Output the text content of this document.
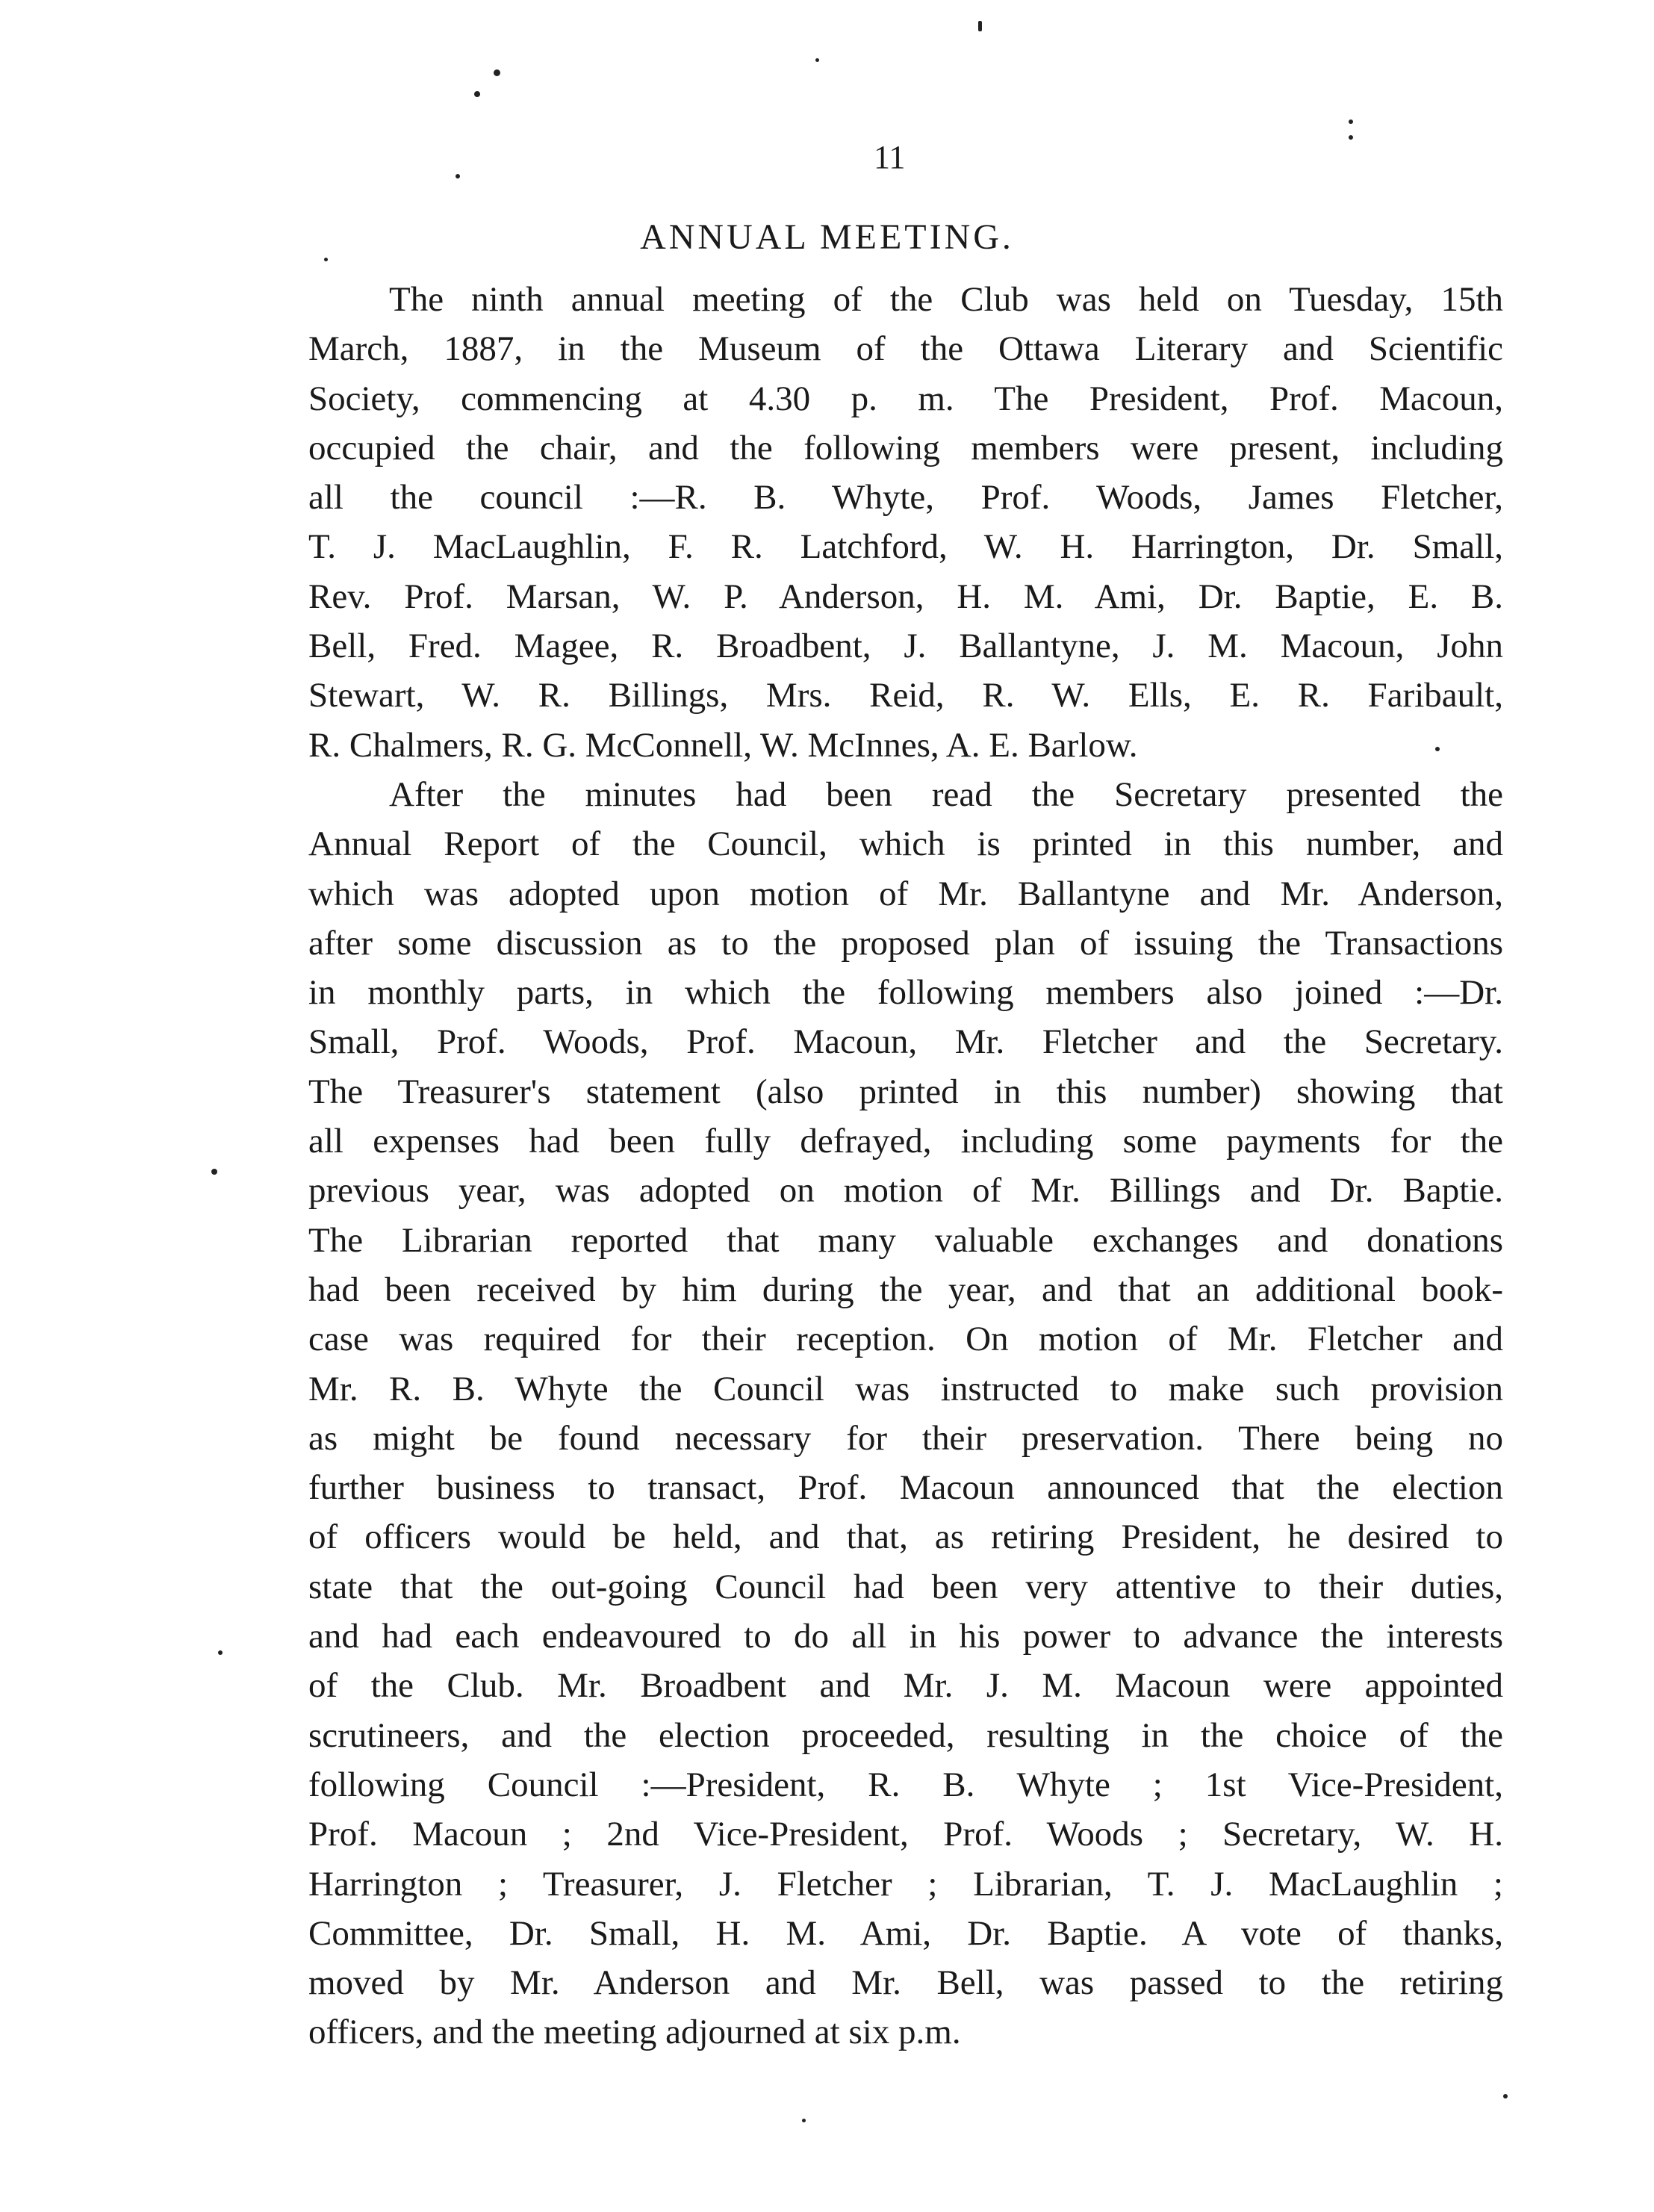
11
ANNUAL MEETING.
The ninth annual meeting of the Club was held on Tuesday, 15th
March, 1887, in the Museum of the Ottawa Literary and Scientific
Society, commencing at 4.30 p. m. The President, Prof. Macoun,
occupied the chair, and the following members were present, including
all the council :—R. B. Whyte, Prof. Woods, James Fletcher,
T. J. MacLaughlin, F. R. Latchford, W. H. Harrington, Dr. Small,
Rev. Prof. Marsan, W. P. Anderson, H. M. Ami, Dr. Baptie, E. B.
Bell, Fred. Magee, R. Broadbent, J. Ballantyne, J. M. Macoun, John
Stewart, W. R. Billings, Mrs. Reid, R. W. Ells, E. R. Faribault,
R. Chalmers, R. G. McConnell, W. McInnes, A. E. Barlow.
After the minutes had been read the Secretary presented the
Annual Report of the Council, which is printed in this number, and
which was adopted upon motion of Mr. Ballantyne and Mr. Anderson,
after some discussion as to the proposed plan of issuing the Transactions
in monthly parts, in which the following members also joined :—Dr.
Small, Prof. Woods, Prof. Macoun, Mr. Fletcher and the Secretary.
The Treasurer's statement (also printed in this number) showing that
all expenses had been fully defrayed, including some payments for the
previous year, was adopted on motion of Mr. Billings and Dr. Baptie.
The Librarian reported that many valuable exchanges and donations
had been received by him during the year, and that an additional book-
case was required for their reception. On motion of Mr. Fletcher and
Mr. R. B. Whyte the Council was instructed to make such provision
as might be found necessary for their preservation. There being no
further business to transact, Prof. Macoun announced that the election
of officers would be held, and that, as retiring President, he desired to
state that the out-going Council had been very attentive to their duties,
and had each endeavoured to do all in his power to advance the interests
of the Club. Mr. Broadbent and Mr. J. M. Macoun were appointed
scrutineers, and the election proceeded, resulting in the choice of the
following Council :—President, R. B. Whyte ; 1st Vice-President,
Prof. Macoun ; 2nd Vice-President, Prof. Woods ; Secretary, W. H.
Harrington ; Treasurer, J. Fletcher ; Librarian, T. J. MacLaughlin ;
Committee, Dr. Small, H. M. Ami, Dr. Baptie. A vote of thanks,
moved by Mr. Anderson and Mr. Bell, was passed to the retiring
officers, and the meeting adjourned at six p.m.
